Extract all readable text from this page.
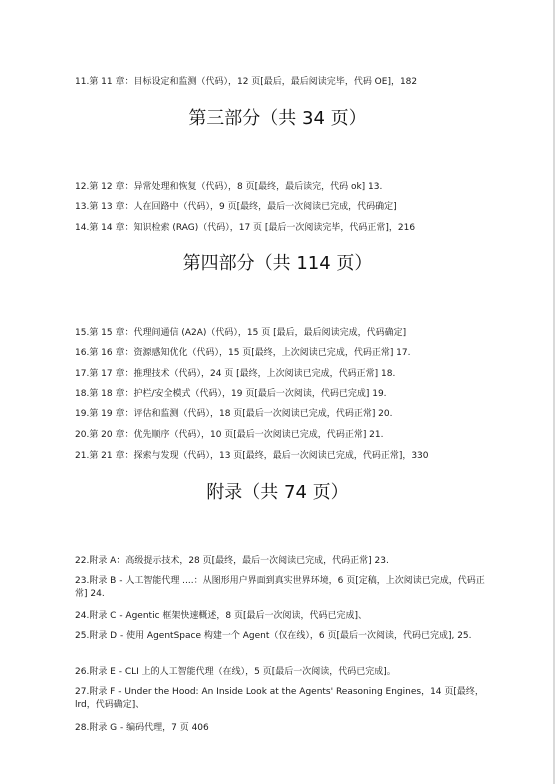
11.第 11 章：目标设定和监测（代码），12 页[最后，最后阅读完毕，代码 OE]，182
第三部分（共 34 页）
12.第 12 章：异常处理和恢复（代码），8 页[最终，最后读完，代码 ok] 13.
13.第 13 章：人在回路中（代码），9 页[最终，最后一次阅读已完成，代码确定]
14.第 14 章：知识检索 (RAG)（代码），17 页 [最后一次阅读完毕，代码正常]，216
第四部分（共 114 页）
15.第 15 章：代理间通信 (A2A)（代码），15 页 [最后，最后阅读完成，代码确定]
16.第 16 章：资源感知优化（代码），15 页[最终，上次阅读已完成，代码正常] 17.
17.第 17 章：推理技术（代码），24 页 [最终，上次阅读已完成，代码正常] 18.
18.第 18 章：护栏/安全模式（代码），19 页[最后一次阅读，代码已完成] 19.
19.第 19 章：评估和监测（代码），18 页[最后一次阅读已完成，代码正常] 20.
20.第 20 章：优先顺序（代码），10 页[最后一次阅读已完成，代码正常] 21.
21.第 21 章：探索与发现（代码），13 页[最终，最后一次阅读已完成，代码正常]，330
附录（共 74 页）
22.附录 A：高级提示技术，28 页[最终，最后一次阅读已完成，代码正常] 23.
23.附录 B - 人工智能代理 ....：从图形用户界面到真实世界环境，6 页[定稿，上次阅读已完成，代码正常] 24.
24.附录 C - Agentic 框架快速概述，8 页[最后一次阅读，代码已完成]、
25.附录 D - 使用 AgentSpace 构建一个 Agent（仅在线），6 页[最后一次阅读，代码已完成], 25.
26.附录 E - CLI 上的人工智能代理（在线），5 页[最后一次阅读，代码已完成]。
27.附录 F - Under the Hood: An Inside Look at the Agents' Reasoning Engines，14 页[最终，lrd，代码确定]、
28.附录 G - 编码代理，7 页 406
